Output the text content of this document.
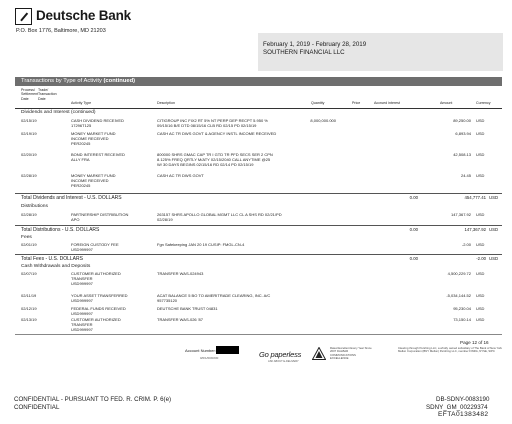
Deutsche Bank
P.O. Box 1776, Baltimore, MD 21203
February 1, 2019 - February 28, 2019
SOUTHERN FINANCIAL LLC
Transactions by Type of Activity (continued)
Process/ Settlement Date
Trade/ Transaction Date
Activity Type	Description	Quantity	Price	Accrued interest	Amount	Currency
Dividends and Interest (continued)
02/15/19	CASH DIVIDEND RECEIVED
17296T125
CITIGROUP INC FIX2 RT 5% NT PERP DEP RECPT 5.950 %
09/15/16 B/E DTD 08/15/16 CLB RD 02/15 PD 02/15/19
8,000,000.000	89,250.00 USD
02/19/19	MONEY MARKET FUND
INCOME RECEIVED
PER20245
CASH AC TR DWS GOVT & AGENCY INSTL INCOME RECEIVED	6,893.94 USD
02/20/19	BOND INTEREST RECEIVED
ALLY FRA
800000 SHRS GMAC CAP TR I GTD TR PFD SECS SER 2 CPN
8.125% FREQ QRTLY M/ATY 02/15/2040 CALL ANYTIME @25
W/ 30 DAYS BEGINS 02/15/16 RD 02/14 PD 02/15/19
42,508.13 USD
02/28/19	MONEY MARKET FUND
INCOME RECEIVED
PER20245
CASH AC TR DWS GOVT	24.45 USD
Total Dividends and Interest - U.S. DOLLARS	0.00	454,777.41 USD
Distributions
02/28/19	PARTNERSHIP DISTRIBUTION
APO
263157 SHRS APOLLO GLOBAL MGMT LLC CL A SHS RD 02/21/PD
02/28/19
147,367.92 USD
Total Distributions - U.S. DOLLARS	0.00	147,367.92 USD
Fees
02/01/19	FOREIGN CUSTODY FEE
USD999997
Fgn Safekeeping JAN 20 19 CUSIP: FMGL-CN-4	-2.00 USD
Total Fees - U.S. DOLLARS	0.00	-2.00 USD
Cash Withdrawals and Deposits
02/07/19	CUSTOMER AUTHORIZED
TRANSFER
USD999997
TRANSFER WAS-024943	4,500,229.72 USD
02/11/19	YOUR ASSET TRANSFERRED
USD999997
ACAT BALANCE 5 BO TO AMERITRADE CLEARING, INC. A/C
957735120
-5,034,144.52 USD
02/12/19	FEDERAL FUNDS RECEIVED
USD999997
DEUTSCHE BANK TRUST 04831	95,230.04 USD
02/13/19	CUSTOMER AUTHORIZED
TRANSFER
USD999997
TRANSFER WAS-026 '87	73,150.14 USD
Page 12 of 16
Account Number:
0/0/1/00/0/0/0	Go paperless
ASK ABOUT E-DELIVERY
Rated Excellent Every Year Since 2007 DALBAR COMMUNICATIONS EXCELLENCE
Clearing through Pershing LLC, a wholly owned subsidiary of The Bank of New York Mellon Corporation (BNY Mellon) Pershing LLC, member FINRA, NYSE, SIPC
CONFIDENTIAL - PURSUANT TO FED. R. CRIM. P. 6(e)
CONFIDENTIAL
DB-SDNY-0083190
SDNY_GM_00229374
EFTA01383482
